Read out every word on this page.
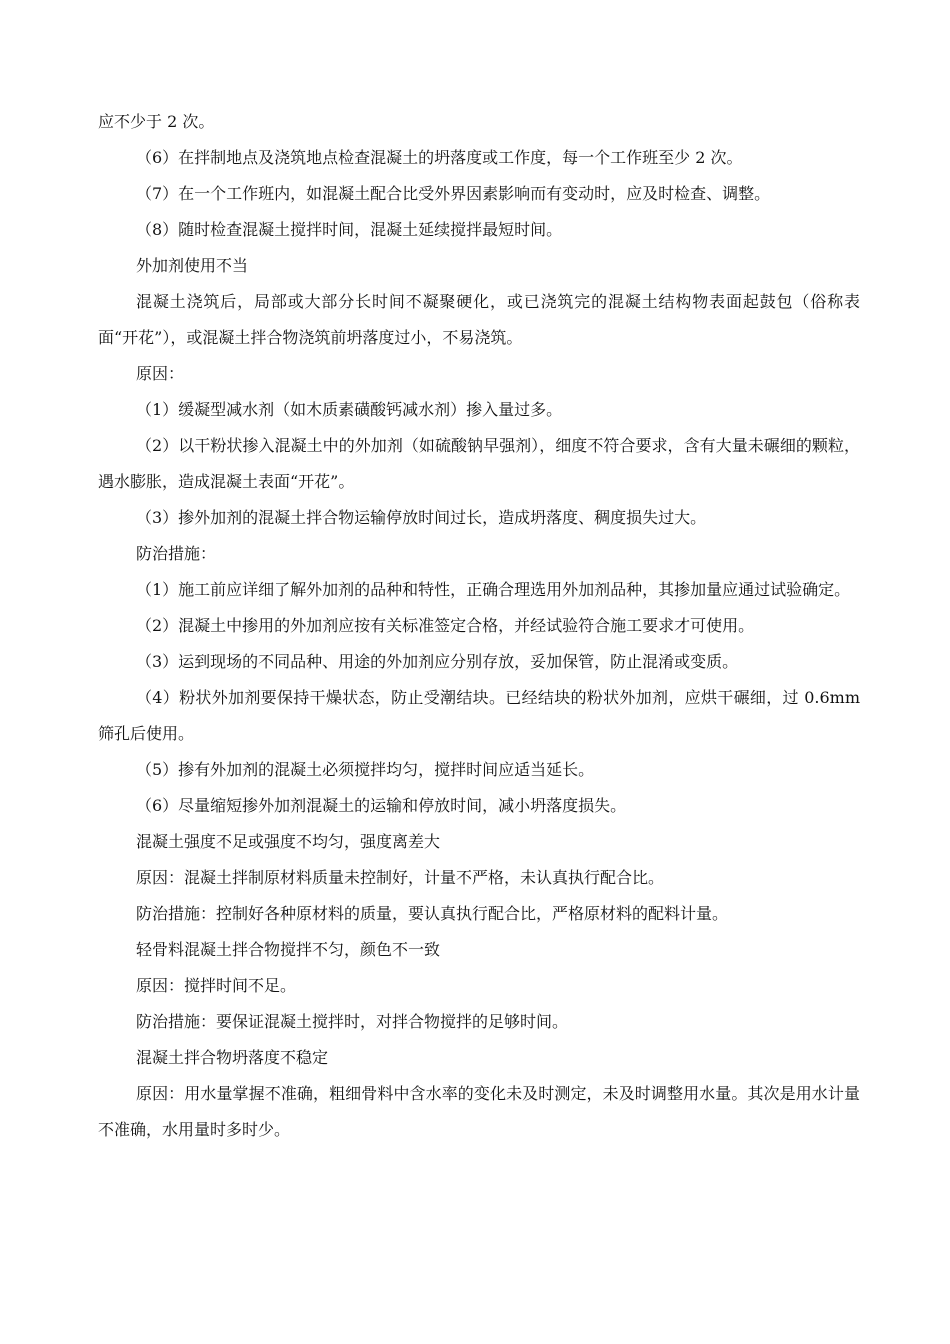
应不少于 2 次。

（6）在拌制地点及浇筑地点检查混凝土的坍落度或工作度，每一个工作班至少 2 次。

（7）在一个工作班内，如混凝土配合比受外界因素影响而有变动时，应及时检查、调整。

（8）随时检查混凝土搅拌时间，混凝土延续搅拌最短时间。

外加剂使用不当

混凝土浇筑后，局部或大部分长时间不凝聚硬化，或已浇筑完的混凝土结构物表面起鼓包（俗称表面“开花”），或混凝土拌合物浇筑前坍落度过小，不易浇筑。

原因：

（1）缓凝型减水剂（如木质素磺酸钙减水剂）掺入量过多。

（2）以干粉状掺入混凝土中的外加剂（如硫酸钠早强剂），细度不符合要求，含有大量未碾细的颗粒，遇水膨胀，造成混凝土表面“开花”。

（3）掺外加剂的混凝土拌合物运输停放时间过长，造成坍落度、稠度损失过大。

防治措施：

（1）施工前应详细了解外加剂的品种和特性，正确合理选用外加剂品种，其掺加量应通过试验确定。

（2）混凝土中掺用的外加剂应按有关标准签定合格，并经试验符合施工要求才可使用。

（3）运到现场的不同品种、用途的外加剂应分别存放，妥加保管，防止混淆或变质。

（4）粉状外加剂要保持干燥状态，防止受潮结块。已经结块的粉状外加剂，应烘干碾细，过 0.6mm 筛孔后使用。

（5）掺有外加剂的混凝土必须搅拌均匀，搅拌时间应适当延长。

（6）尽量缩短掺外加剂混凝土的运输和停放时间，减小坍落度损失。

混凝土强度不足或强度不均匀，强度离差大

原因：混凝土拌制原材料质量未控制好，计量不严格，未认真执行配合比。

防治措施：控制好各种原材料的质量，要认真执行配合比，严格原材料的配料计量。

轻骨料混凝土拌合物搅拌不匀，颜色不一致

原因：搅拌时间不足。

防治措施：要保证混凝土搅拌时，对拌合物搅拌的足够时间。

混凝土拌合物坍落度不稳定

原因：用水量掌握不准确，粗细骨料中含水率的变化未及时测定，未及时调整用水量。其次是用水计量不准确，水用量时多时少。
